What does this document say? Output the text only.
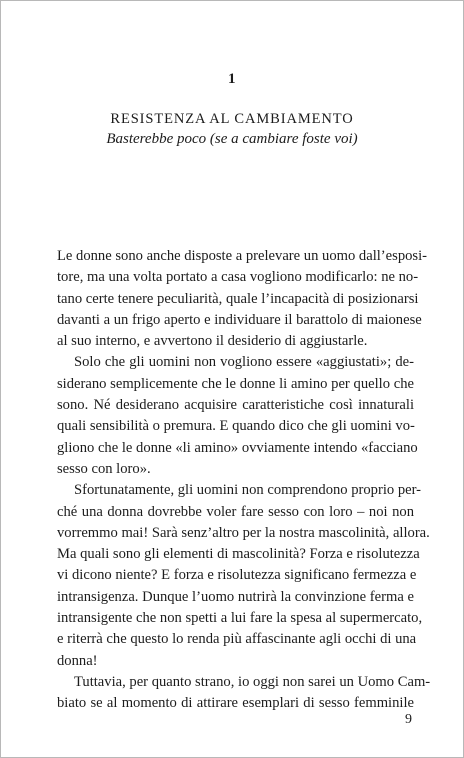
1
RESISTENZA AL CAMBIAMENTO
Basterebbe poco (se a cambiare foste voi)
Le donne sono anche disposte a prelevare un uomo dall’esposi-
tore, ma una volta portato a casa vogliono modificarlo: ne no-
tano certe tenere peculiarità, quale l’incapacità di posizionarsi
davanti a un frigo aperto e individuare il barattolo di maionese
al suo interno, e avvertono il desiderio di aggiustarle.
Solo che gli uomini non vogliono essere «aggiustati»; de-
siderano semplicemente che le donne li amino per quello che
sono. Né desiderano acquisire caratteristiche così innaturali
quali sensibilità o premura. E quando dico che gli uomini vo-
gliono che le donne «li amino» ovviamente intendo «facciano
sesso con loro».
Sfortunatamente, gli uomini non comprendono proprio per-
ché una donna dovrebbe voler fare sesso con loro – noi non
vorremmo mai! Sarà senz’altro per la nostra mascolinità, allora.
Ma quali sono gli elementi di mascolinità? Forza e risolutezza
vi dicono niente? E forza e risolutezza significano fermezza e
intransigenza. Dunque l’uomo nutrirà la convinzione ferma e
intransigente che non spetti a lui fare la spesa al supermercato,
e riterrà che questo lo renda più affascinante agli occhi di una
donna!
Tuttavia, per quanto strano, io oggi non sarei un Uomo Cam-
biato se al momento di attirare esemplari di sesso femminile
9
